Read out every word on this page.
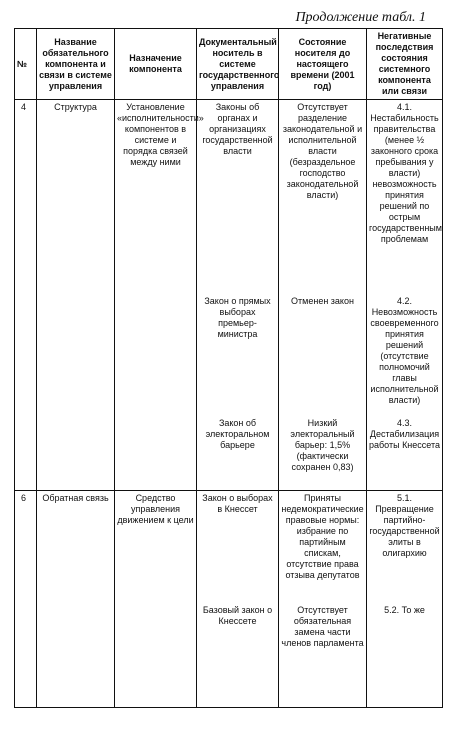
Продолжение табл. 1
№	Название обязательного компонента и связи в системе управления	Назначение компонента	Документальный носитель в системе государственного управления	Состояние носителя до настоящего времени (2001 год)	Негативные последствия состояния системного компонента или связи
4	Структура	Установление «исполнительности» компонентов в системе и порядка связей между ними	Законы об органах и организациях государственной власти	Отсутствует разделение законодательной и исполнительной власти (безраздельное господство законодательной власти)	4.1. Нестабильность правительства (менее ½ законного срока пребывания у власти) невозможность принятия решений по острым государственным проблемам
			Закон о прямых выборах премьер-министра	Отменен закон	4.2. Невозможность своевременного принятия решений (отсутствие полномочий главы исполнительной власти)
			Закон об электоральном барьере	Низкий электоральный барьер: 1,5% (фактически сохранен 0,83)	4.3. Дестабилизация работы Кнессета
6	Обратная связь	Средство управления движением к цели	Закон о выборах в Кнессет	Приняты недемократические правовые нормы: избрание по партийным спискам, отсутствие права отзыва депутатов	5.1. Превращение партийно-государственной элиты в олигархию
			Базовый закон о Кнессете	Отсутствует обязательная замена части членов парламента	5.2. То же
